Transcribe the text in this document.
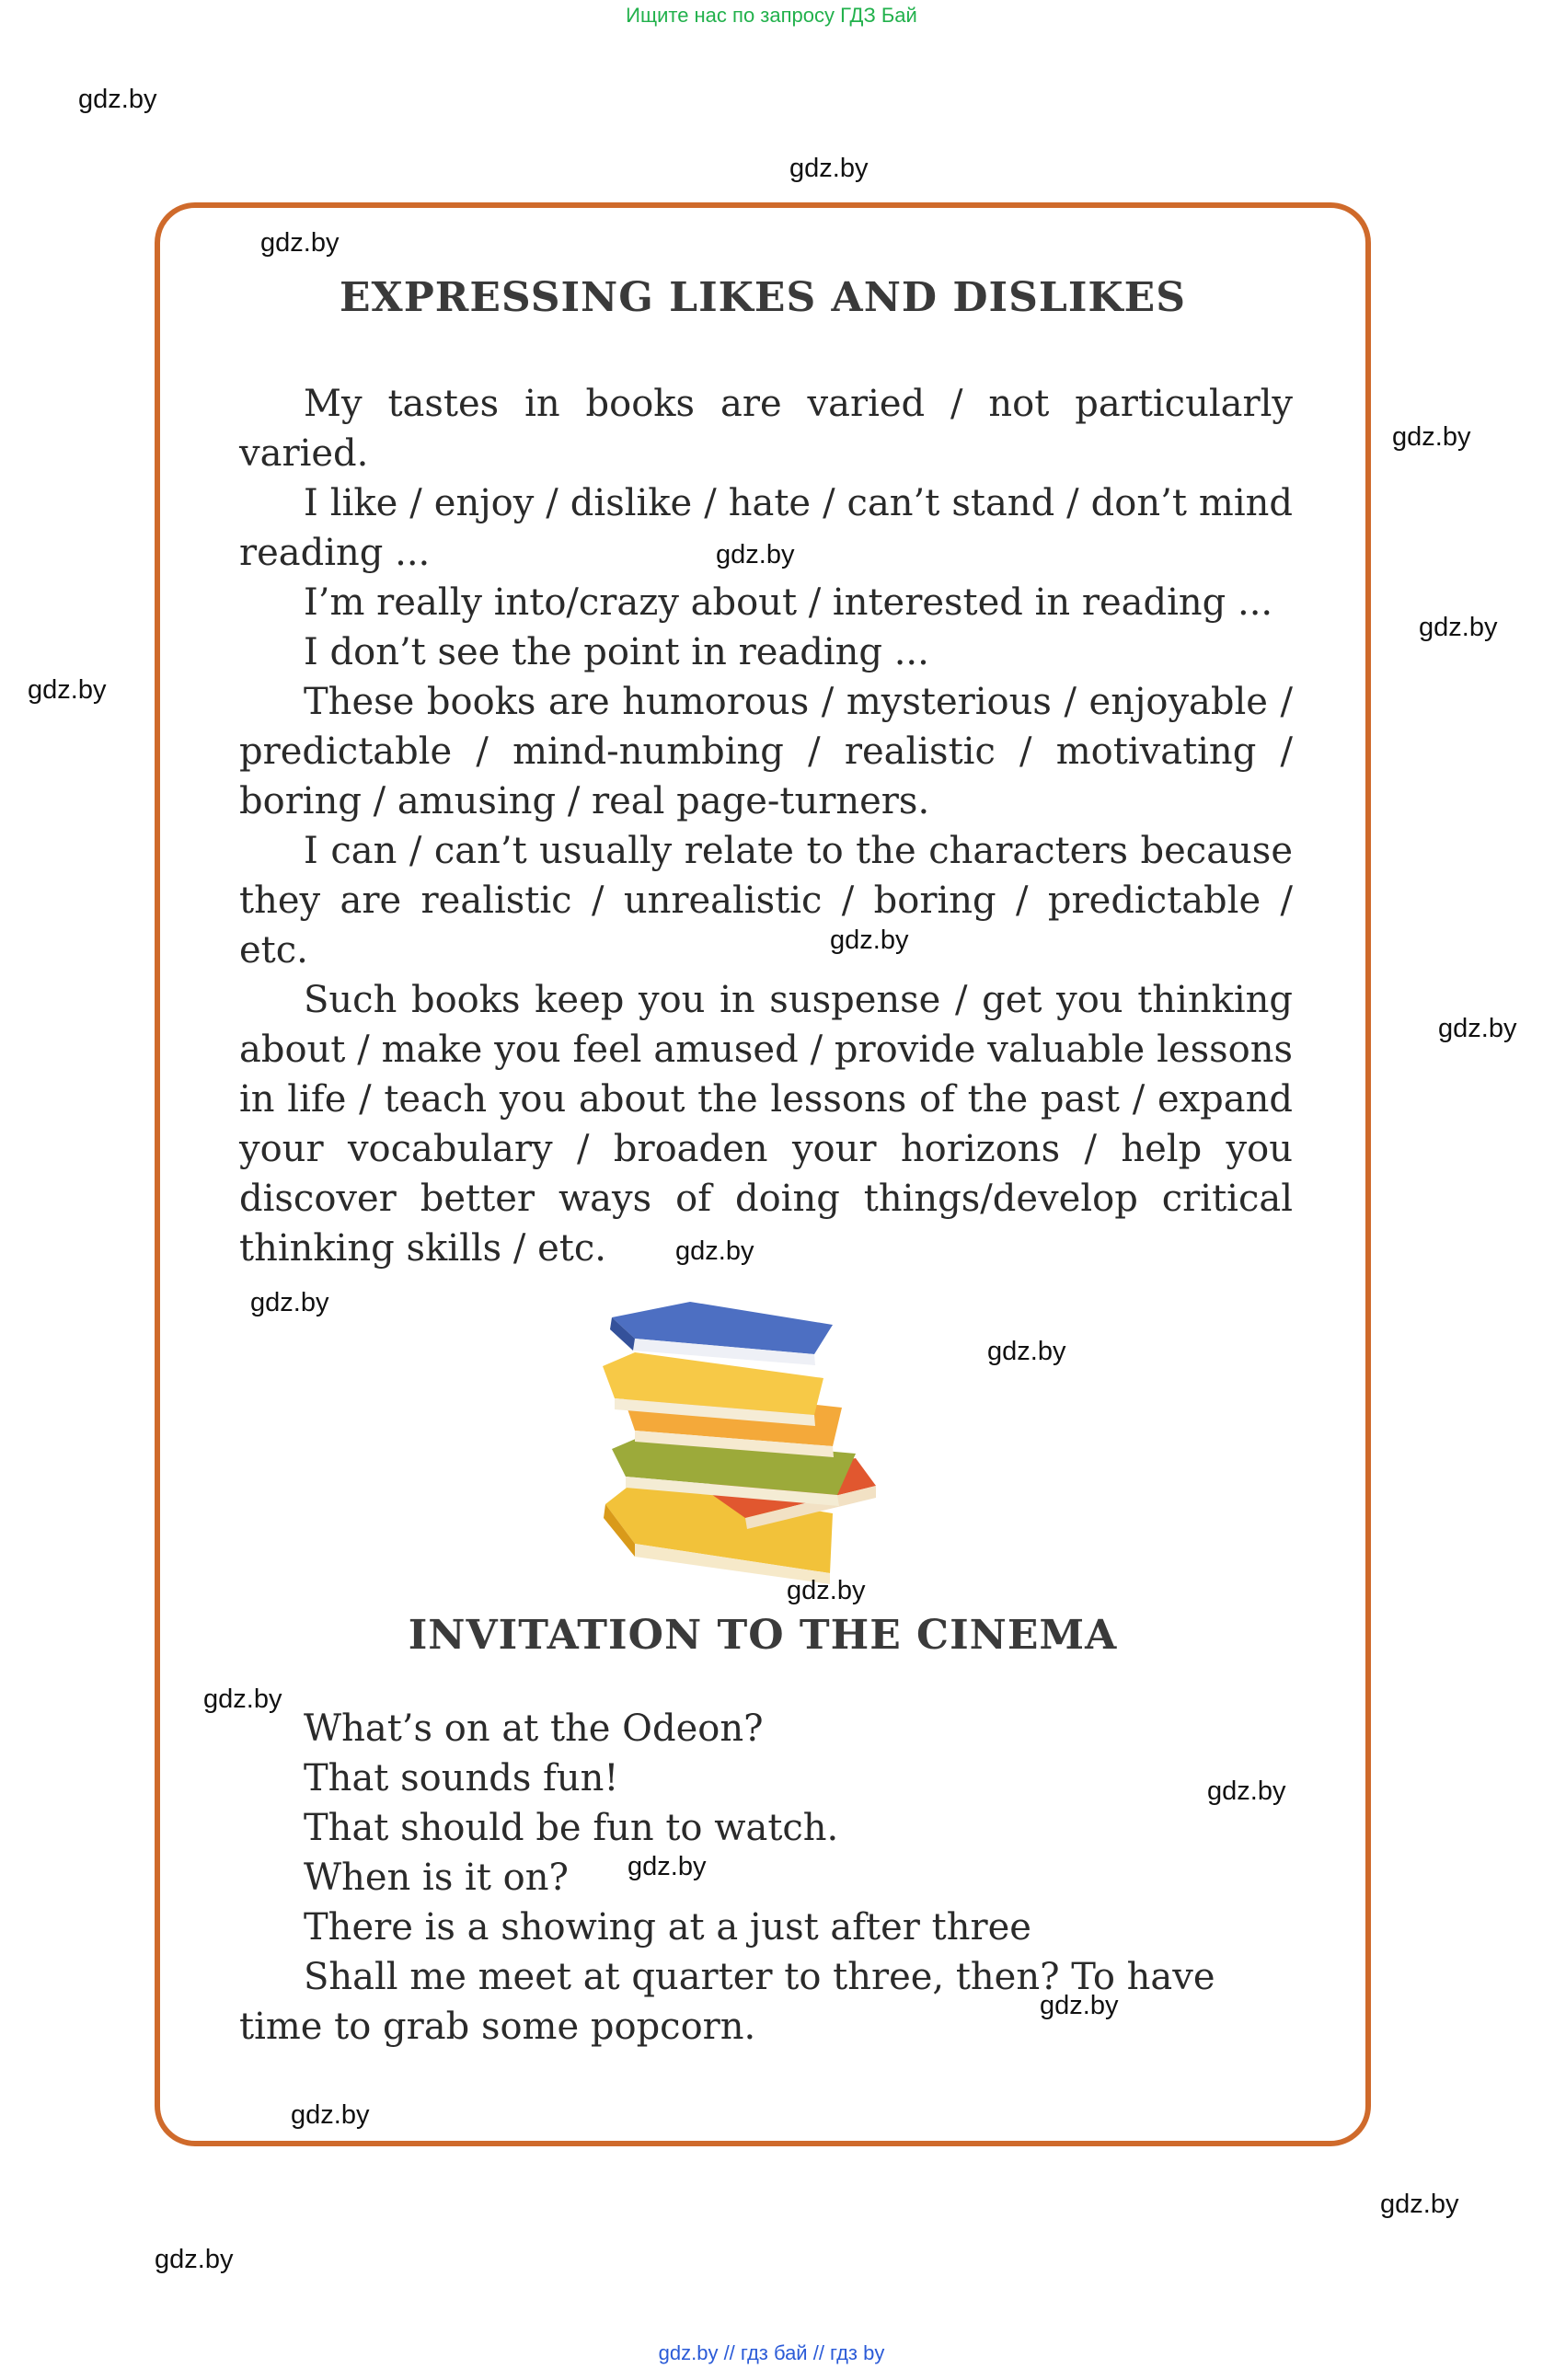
Ищите нас по запросу ГДЗ Бай
EXPRESSING LIKES AND DISLIKES

My tastes in books are varied / not particularly varied.

I like / enjoy / dislike / hate / can’t stand / don’t mind reading ...

I’m really into/crazy about / interested in reading ...

I don’t see the point in reading ...

These books are humorous / mysterious / enjoyable / predictable / mind-numbing / realistic / motivating / boring / amusing / real page-turners.

I can / can’t usually relate to the characters because they are realistic / unrealistic / boring / predictable / etc.

Such books keep you in suspense / get you thinking about / make you feel amused / provide valuable lessons in life / teach you about the lessons of the past / expand your vocabulary / broaden your horizons / help you discover better ways of doing things/develop critical thinking skills / etc.

INVITATION TO THE CINEMA

What’s on at the Odeon?

That sounds fun!

That should be fun to watch.

When is it on?

There is a showing at a just after three

Shall me meet at quarter to three, then? To have time to grab some popcorn.

gdz.by
gdz.by
gdz.by
gdz.by
gdz.by
gdz.by
gdz.by
gdz.by
gdz.by
gdz.by
gdz.by
gdz.by
gdz.by
gdz.by
gdz.by
gdz.by
gdz.by
gdz.by
gdz.by
gdz.by
gdz.by // гдз бай // гдз by
